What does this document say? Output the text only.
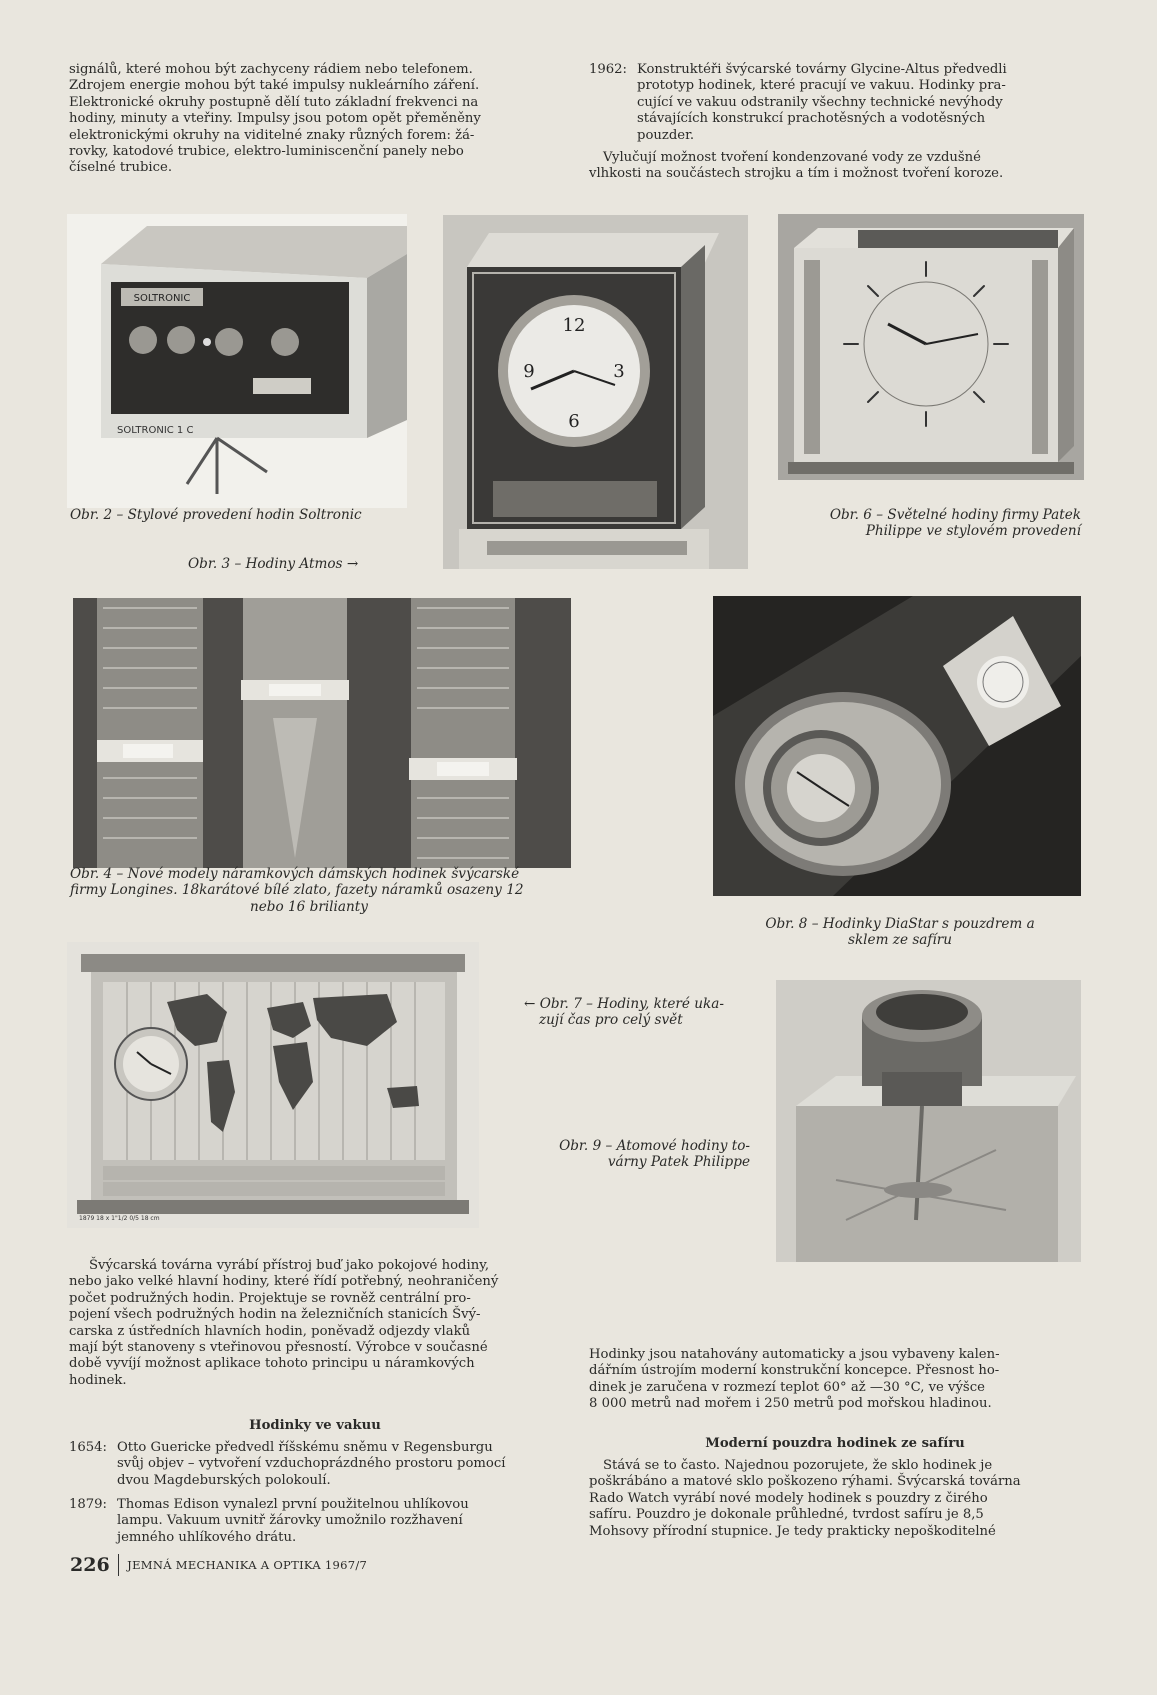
signálů, které mohou být zachyceny rádiem nebo telefonem.
Zdrojem energie mohou být také impulsy nukleárního záření.
Elektronické okruhy postupně dělí tuto základní frekvenci na
hodiny, minuty a vteřiny. Impulsy jsou potom opět přeměněny
elektronickými okruhy na viditelné znaky různých forem: žá-
rovky, katodové trubice, elektro-luminiscenční panely nebo
číselné trubice.
1962: Konstruktéři švýcarské továrny Glycine-Altus předvedli
prototyp hodinek, které pracují ve vakuu. Hodinky pra-
cující ve vakuu odstranily všechny technické nevýhody
stávajících konstrukcí prachotěsných a vodotěsných
pouzder.
Vylučují možnost tvoření kondenzované vody ze vzdušné
vlhkosti na součástech strojku a tím i možnost tvoření koroze.
SOLTRONIC
SOLTRONIC 1 C
12
3
6
9
Obr. 2 – Stylové provedení hodin Soltronic	Obr. 6 – Světelné hodiny firmy Patek
Philippe ve stylovém provedení
Obr. 3 – Hodiny Atmos →
Obr. 4 – Nové modely náramkových dámských hodinek švýcarské
firmy Longines. 18karátové bílé zlato, fazety náramků osazeny 12
nebo 16 brilianty
Obr. 8 – Hodinky DiaStar s pouzdrem a
sklem ze safíru
1879 18 x 1"1/2 0/5 18 cm
← Obr. 7 – Hodiny, které uka-
zují čas pro celý svět
Obr. 9 – Atomové hodiny to-
várny Patek Philippe
Švýcarská továrna vyrábí přístroj buď jako pokojové hodiny,
nebo jako velké hlavní hodiny, které řídí potřebný, neohraničený
počet podružných hodin. Projektuje se rovněž centrální pro-
pojení všech podružných hodin na železničních stanicích Švý-
carska z ústředních hlavních hodin, poněvadž odjezdy vlaků
mají být stanoveny s vteřinovou přesností. Výrobce v současné
době vyvíjí možnost aplikace tohoto principu u náramkových
hodinek.
Hodinky ve vakuu
1654: Otto Guericke předvedl říšskému sněmu v Regensburgu
svůj objev – vytvoření vzduchoprázdného prostoru pomocí
dvou Magdeburských polokoulí.
1879: Thomas Edison vynalezl první použitelnou uhlíkovou
lampu. Vakuum uvnitř žárovky umožnilo rozžhavení
jemného uhlíkového drátu.
Hodinky jsou natahovány automaticky a jsou vybaveny kalen-
dářním ústrojím moderní konstrukční koncepce. Přesnost ho-
dinek je zaručena v rozmezí teplot 60° až —30 °C, ve výšce
8 000 metrů nad mořem i 250 metrů pod mořskou hladinou.
Moderní pouzdra hodinek ze safíru
Stává se to často. Najednou pozorujete, že sklo hodinek je
poškrábáno a matové sklo poškozeno rýhami. Švýcarská továrna
Rado Watch vyrábí nové modely hodinek s pouzdry z čirého
safíru. Pouzdro je dokonale průhledné, tvrdost safíru je 8,5
Mohsovy přírodní stupnice. Je tedy prakticky nepoškoditelné
226 JEMNÁ MECHANIKA A OPTIKA 1967/7
